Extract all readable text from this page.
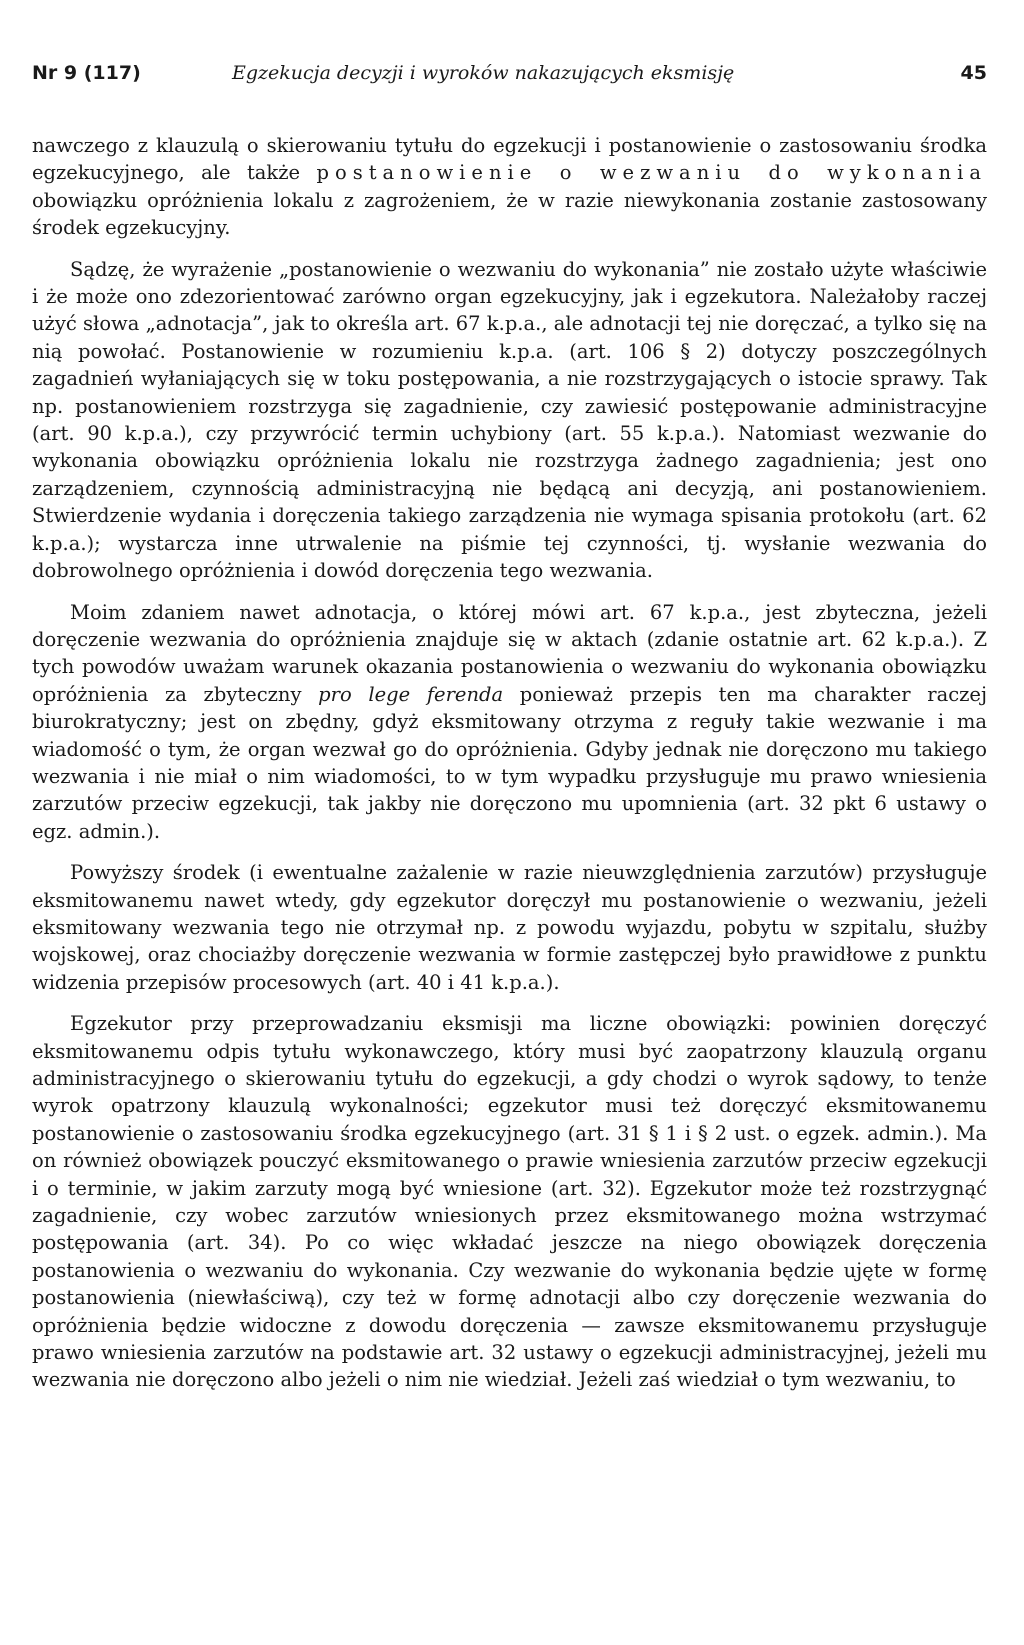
Nr 9 (117)	Egzekucja decyzji i wyroków nakazujących eksmisję	45

nawczego z klauzulą o skierowaniu tytułu do egzekucji i postanowienie o zastosowaniu środka egzekucyjnego, ale także postanowienie o wezwaniu do wykonania obowiązku opróżnienia lokalu z zagrożeniem, że w razie niewykonania zostanie zastosowany środek egzekucyjny.

Sądzę, że wyrażenie „postanowienie o wezwaniu do wykonania” nie zostało użyte właściwie i że może ono zdezorientować zarówno organ egzekucyjny, jak i egzekutora. Należałoby raczej użyć słowa „adnotacja”, jak to określa art. 67 k.p.a., ale adnotacji tej nie doręczać, a tylko się na nią powołać. Postanowienie w rozumieniu k.p.a. (art. 106 § 2) dotyczy poszczególnych zagadnień wyłaniających się w toku postępowania, a nie rozstrzygających o istocie sprawy. Tak np. postanowieniem rozstrzyga się zagadnienie, czy zawiesić postępowanie administracyjne (art. 90 k.p.a.), czy przywrócić termin uchybiony (art. 55 k.p.a.). Natomiast wezwanie do wykonania obowiązku opróżnienia lokalu nie rozstrzyga żadnego zagadnienia; jest ono zarządzeniem, czynnością administracyjną nie będącą ani decyzją, ani postanowieniem. Stwierdzenie wydania i doręczenia takiego zarządzenia nie wymaga spisania protokołu (art. 62 k.p.a.); wystarcza inne utrwalenie na piśmie tej czynności, tj. wysłanie wezwania do dobrowolnego opróżnienia i dowód doręczenia tego wezwania.

Moim zdaniem nawet adnotacja, o której mówi art. 67 k.p.a., jest zbyteczna, jeżeli doręczenie wezwania do opróżnienia znajduje się w aktach (zdanie ostatnie art. 62 k.p.a.). Z tych powodów uważam warunek okazania postanowienia o wezwaniu do wykonania obowiązku opróżnienia za zbyteczny pro lege ferenda ponieważ przepis ten ma charakter raczej biurokratyczny; jest on zbędny, gdyż eksmitowany otrzyma z reguły takie wezwanie i ma wiadomość o tym, że organ wezwał go do opróżnienia. Gdyby jednak nie doręczono mu takiego wezwania i nie miał o nim wiadomości, to w tym wypadku przysługuje mu prawo wniesienia zarzutów przeciw egzekucji, tak jakby nie doręczono mu upomnienia (art. 32 pkt 6 ustawy o egz. admin.).

Powyższy środek (i ewentualne zażalenie w razie nieuwzględnienia zarzutów) przysługuje eksmitowanemu nawet wtedy, gdy egzekutor doręczył mu postanowienie o wezwaniu, jeżeli eksmitowany wezwania tego nie otrzymał np. z powodu wyjazdu, pobytu w szpitalu, służby wojskowej, oraz chociażby doręczenie wezwania w formie zastępczej było prawidłowe z punktu widzenia przepisów procesowych (art. 40 i 41 k.p.a.).

Egzekutor przy przeprowadzaniu eksmisji ma liczne obowiązki: powinien doręczyć eksmitowanemu odpis tytułu wykonawczego, który musi być zaopatrzony klauzulą organu administracyjnego o skierowaniu tytułu do egzekucji, a gdy chodzi o wyrok sądowy, to tenże wyrok opatrzony klauzulą wykonalności; egzekutor musi też doręczyć eksmitowanemu postanowienie o zastosowaniu środka egzekucyjnego (art. 31 § 1 i § 2 ust. o egzek. admin.). Ma on również obowiązek pouczyć eksmitowanego o prawie wniesienia zarzutów przeciw egzekucji i o terminie, w jakim zarzuty mogą być wniesione (art. 32). Egzekutor może też rozstrzygnąć zagadnienie, czy wobec zarzutów wniesionych przez eksmitowanego można wstrzymać postępowania (art. 34). Po co więc wkładać jeszcze na niego obowiązek doręczenia postanowienia o wezwaniu do wykonania. Czy wezwanie do wykonania będzie ujęte w formę postanowienia (niewłaściwą), czy też w formę adnotacji albo czy doręczenie wezwania do opróżnienia będzie widoczne z dowodu doręczenia — zawsze eksmitowanemu przysługuje prawo wniesienia zarzutów na podstawie art. 32 ustawy o egzekucji administracyjnej, jeżeli mu wezwania nie doręczono albo jeżeli o nim nie wiedział. Jeżeli zaś wiedział o tym wezwaniu, to
